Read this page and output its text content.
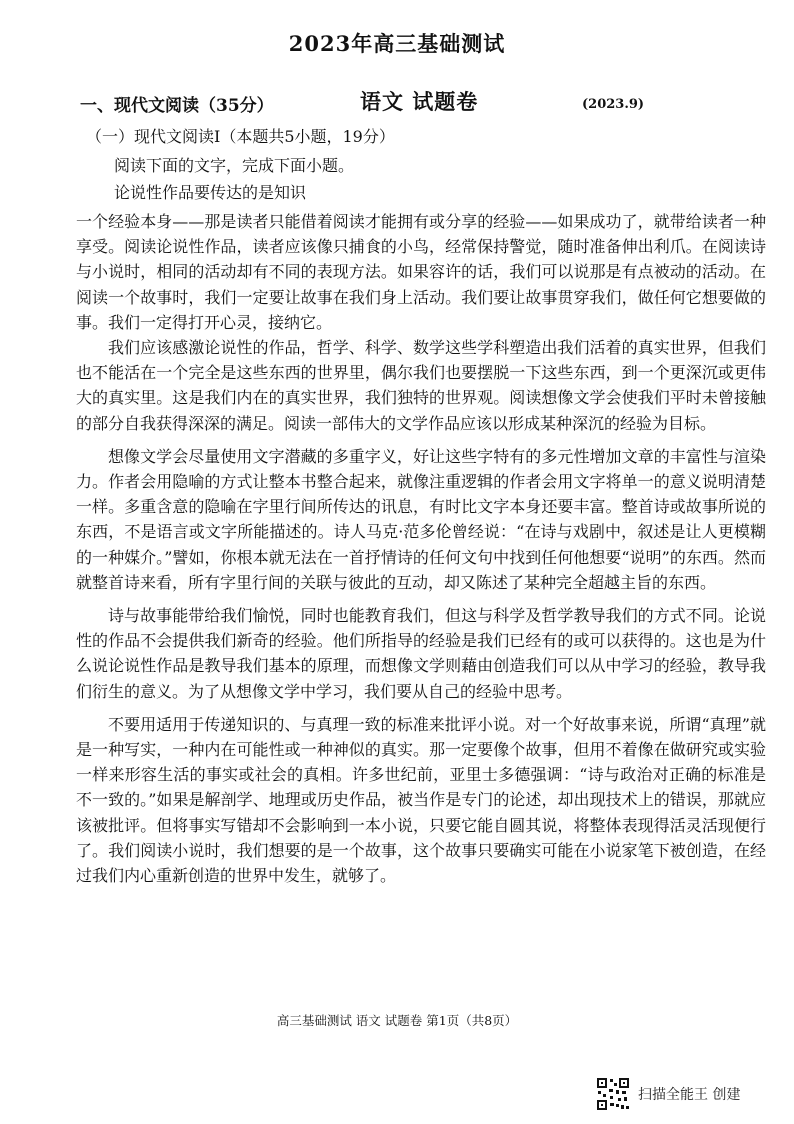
2023年高三基础测试
一、现代文阅读（35分）	语文 试题卷	(2023.9)
（一）现代文阅读Ⅰ（本题共5小题，19分）
阅读下面的文字，完成下面小题。
论说性作品要传达的是知识

一个经验本身——那是读者只能借着阅读才能拥有或分享的经验——如果成功了，就带给读者一种享受。阅读论说性作品，读者应该像只捕食的小鸟，经常保持警觉，随时准备伸出利爪。在阅读诗与小说时，相同的活动却有不同的表现方法。如果容许的话，我们可以说那是有点被动的活动。在阅读一个故事时，我们一定要让故事在我们身上活动。我们要让故事贯穿我们，做任何它想要做的事。我们一定得打开心灵，接纳它。

我们应该感激论说性的作品，哲学、科学、数学这些学科塑造出我们活着的真实世界，但我们也不能活在一个完全是这些东西的世界里，偶尔我们也要摆脱一下这些东西，到一个更深沉或更伟大的真实里。这是我们内在的真实世界，我们独特的世界观。阅读想像文学会使我们平时未曾接触的部分自我获得深深的满足。阅读一部伟大的文学作品应该以形成某种深沉的经验为目标。

想像文学会尽量使用文字潜藏的多重字义，好让这些字特有的多元性增加文章的丰富性与渲染力。作者会用隐喻的方式让整本书整合起来，就像注重逻辑的作者会用文字将单一的意义说明清楚一样。多重含意的隐喻在字里行间所传达的讯息，有时比文字本身还要丰富。整首诗或故事所说的东西，不是语言或文字所能描述的。诗人马克·范多伦曾经说：“在诗与戏剧中，叙述是让人更模糊的一种媒介。”譬如，你根本就无法在一首抒情诗的任何文句中找到任何他想要“说明”的东西。然而就整首诗来看，所有字里行间的关联与彼此的互动，却又陈述了某种完全超越主旨的东西。

诗与故事能带给我们愉悦，同时也能教育我们，但这与科学及哲学教导我们的方式不同。论说性的作品不会提供我们新奇的经验。他们所指导的经验是我们已经有的或可以获得的。这也是为什么说论说性作品是教导我们基本的原理，而想像文学则藉由创造我们可以从中学习的经验，教导我们衍生的意义。为了从想像文学中学习，我们要从自己的经验中思考。

不要用适用于传递知识的、与真理一致的标准来批评小说。对一个好故事来说，所谓“真理”就是一种写实，一种内在可能性或一种神似的真实。那一定要像个故事，但用不着像在做研究或实验一样来形容生活的事实或社会的真相。许多世纪前，亚里士多德强调：“诗与政治对正确的标准是不一致的。”如果是解剖学、地理或历史作品，被当作是专门的论述，却出现技术上的错误，那就应该被批评。但将事实写错却不会影响到一本小说，只要它能自圆其说，将整体表现得活灵活现便行了。我们阅读小说时，我们想要的是一个故事，这个故事只要确实可能在小说家笔下被创造，在经过我们内心重新创造的世界中发生，就够了。

高三基础测试 语文 试题卷 第1页（共8页）
扫描全能王 创建
